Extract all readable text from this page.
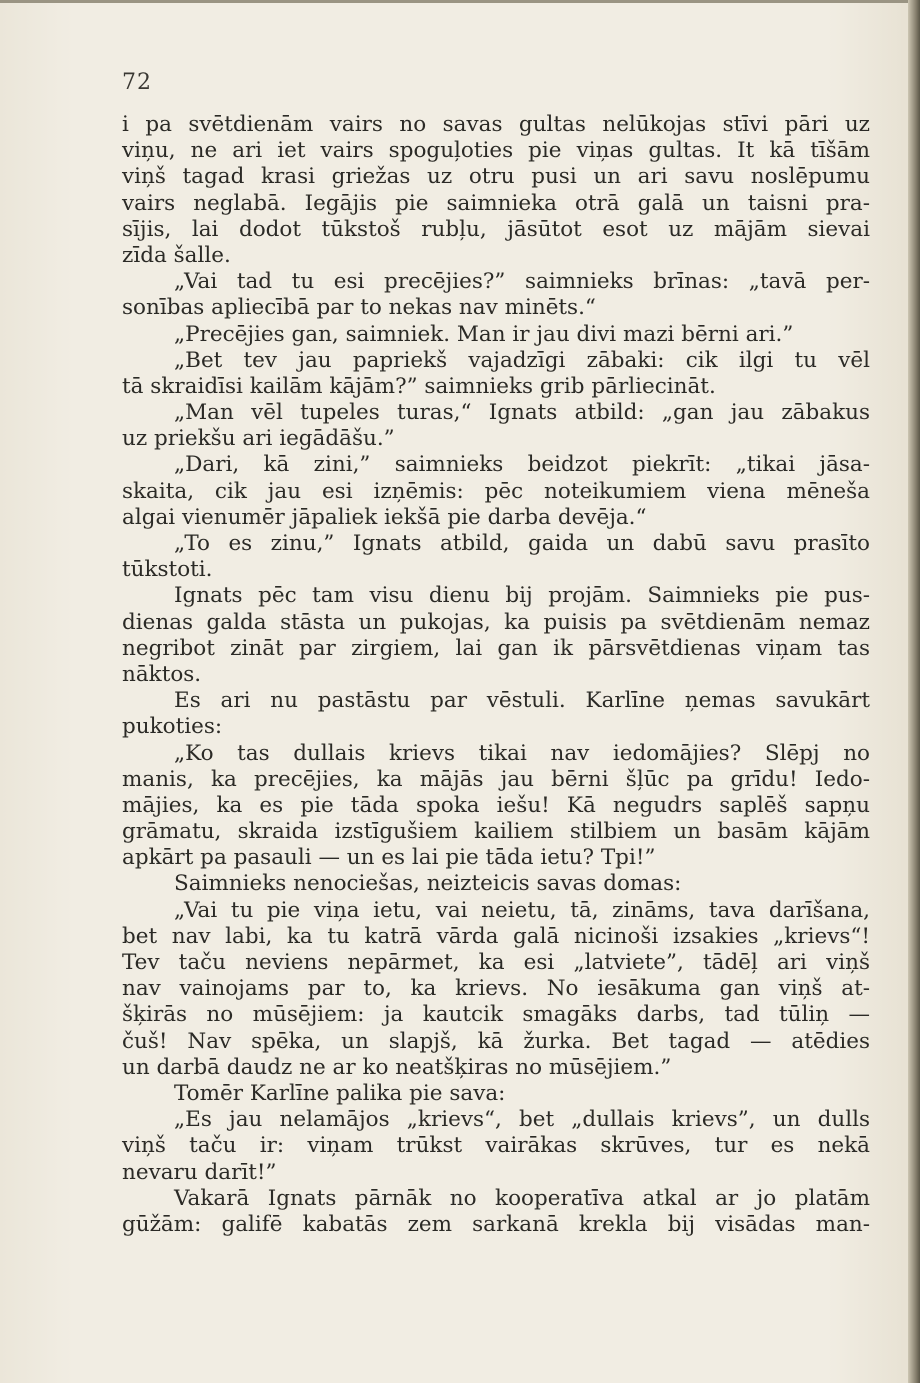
72
i pa svētdienām vairs no savas gultas nelūkojas stīvi pāri uz
viņu, ne ari iet vairs spoguļoties pie viņas gultas. It kā tīšām
viņš tagad krasi griežas uz otru pusi un ari savu noslēpumu
vairs neglabā. Iegājis pie saimnieka otrā galā un taisni pra-
sījis, lai dodot tūkstoš rubļu, jāsūtot esot uz mājām sievai
zīda šalle.
„Vai tad tu esi precējies?” saimnieks brīnas: „tavā per-
sonības apliecībā par to nekas nav minēts.“
„Precējies gan, saimniek. Man ir jau divi mazi bērni ari.”
„Bet tev jau papriekš vajadzīgi zābaki: cik ilgi tu vēl
tā skraidīsi kailām kājām?” saimnieks grib pārliecināt.
„Man vēl tupeles turas,“ Ignats atbild: „gan jau zābakus
uz priekšu ari iegādāšu.”
„Dari, kā zini,” saimnieks beidzot piekrīt: „tikai jāsa-
skaita, cik jau esi izņēmis: pēc noteikumiem viena mēneša
algai vienumēr jāpaliek iekšā pie darba devēja.“
„To es zinu,” Ignats atbild, gaida un dabū savu prasīto
tūkstoti.
Ignats pēc tam visu dienu bij projām. Saimnieks pie pus-
dienas galda stāsta un pukojas, ka puisis pa svētdienām nemaz
negribot zināt par zirgiem, lai gan ik pārsvētdienas viņam tas
nāktos.
Es ari nu pastāstu par vēstuli. Karlīne ņemas savukārt
pukoties:
„Ko tas dullais krievs tikai nav iedomājies? Slēpj no
manis, ka precējies, ka mājās jau bērni šļūc pa grīdu! Iedo-
mājies, ka es pie tāda spoka iešu! Kā negudrs saplēš sapņu
grāmatu, skraida izstīgušiem kailiem stilbiem un basām kājām
apkārt pa pasauli — un es lai pie tāda ietu? Tpi!”
Saimnieks nenociešas, neizteicis savas domas:
„Vai tu pie viņa ietu, vai neietu, tā, zināms, tava darīšana,
bet nav labi, ka tu katrā vārda galā nicinoši izsakies „krievs“!
Tev taču neviens nepārmet, ka esi „latviete”, tādēļ ari viņš
nav vainojams par to, ka krievs. No iesākuma gan viņš at-
šķirās no mūsējiem: ja kautcik smagāks darbs, tad tūliņ —
čuš! Nav spēka, un slapjš, kā žurka. Bet tagad — atēdies
un darbā daudz ne ar ko neatšķiras no mūsējiem.”
Tomēr Karlīne palika pie sava:
„Es jau nelamājos „krievs“, bet „dullais krievs”, un dulls
viņš taču ir: viņam trūkst vairākas skrūves, tur es nekā
nevaru darīt!”
Vakarā Ignats pārnāk no kooperatīva atkal ar jo platām
gūžām: galifē kabatās zem sarkanā krekla bij visādas man-
